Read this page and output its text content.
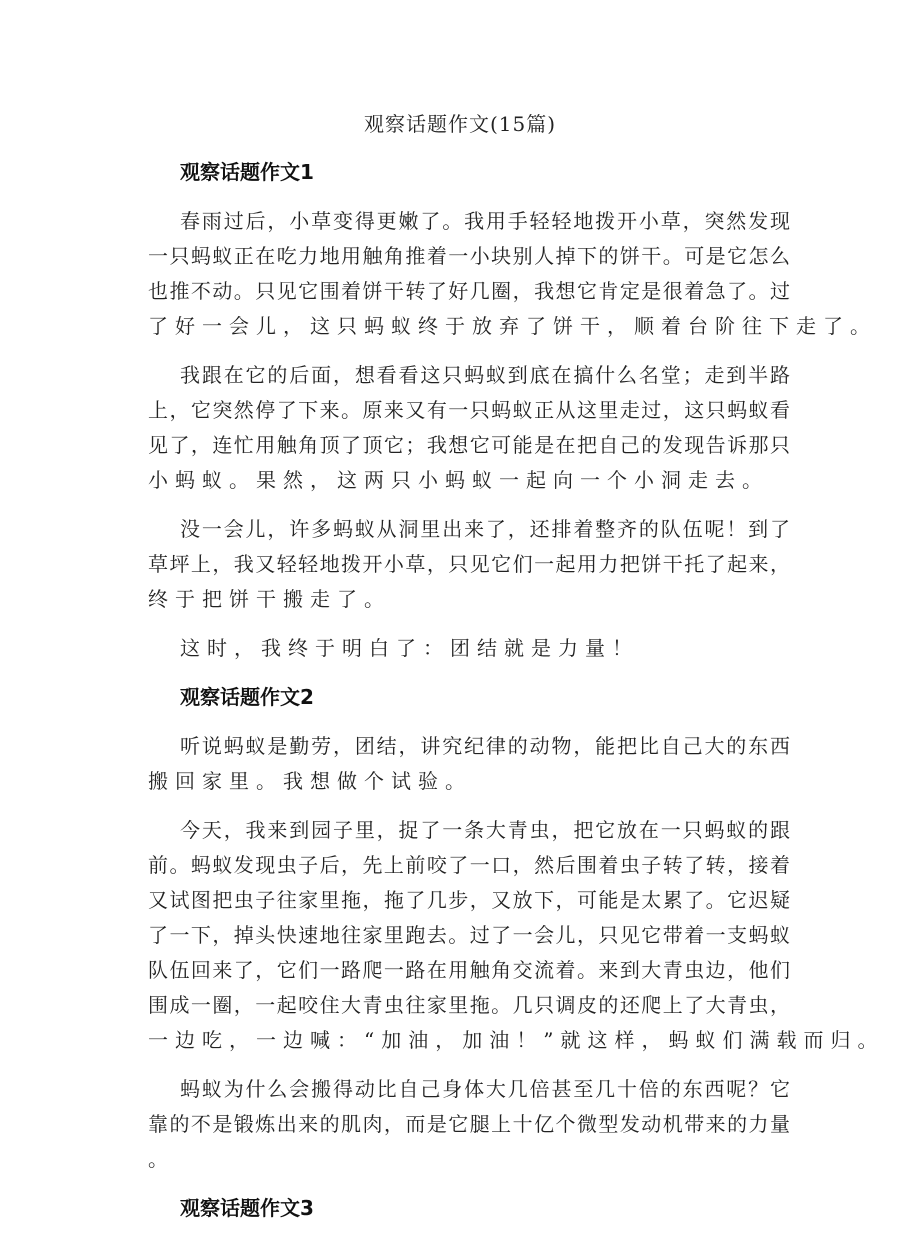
观察话题作文(15篇)
观察话题作文1
春雨过后，小草变得更嫩了。我用手轻轻地拨开小草，突然发现
一只蚂蚁正在吃力地用触角推着一小块别人掉下的饼干。可是它怎么
也推不动。只见它围着饼干转了好几圈，我想它肯定是很着急了。过
了好一会儿，这只蚂蚁终于放弃了饼干，顺着台阶往下走了。
我跟在它的后面，想看看这只蚂蚁到底在搞什么名堂；走到半路
上，它突然停了下来。原来又有一只蚂蚁正从这里走过，这只蚂蚁看
见了，连忙用触角顶了顶它；我想它可能是在把自己的发现告诉那只
小蚂蚁。果然，这两只小蚂蚁一起向一个小洞走去。
没一会儿，许多蚂蚁从洞里出来了，还排着整齐的队伍呢！到了
草坪上，我又轻轻地拨开小草，只见它们一起用力把饼干托了起来，
终于把饼干搬走了。
这时，我终于明白了：团结就是力量！
观察话题作文2
听说蚂蚁是勤劳，团结，讲究纪律的动物，能把比自己大的东西
搬回家里。我想做个试验。
今天，我来到园子里，捉了一条大青虫，把它放在一只蚂蚁的跟
前。蚂蚁发现虫子后，先上前咬了一口，然后围着虫子转了转，接着
又试图把虫子往家里拖，拖了几步，又放下，可能是太累了。它迟疑
了一下，掉头快速地往家里跑去。过了一会儿，只见它带着一支蚂蚁
队伍回来了，它们一路爬一路在用触角交流着。来到大青虫边，他们
围成一圈，一起咬住大青虫往家里拖。几只调皮的还爬上了大青虫，
一边吃，一边喊：“加油，加油！”就这样，蚂蚁们满载而归。
蚂蚁为什么会搬得动比自己身体大几倍甚至几十倍的东西呢？它
靠的不是锻炼出来的肌肉，而是它腿上十亿个微型发动机带来的力量
。
观察话题作文3
